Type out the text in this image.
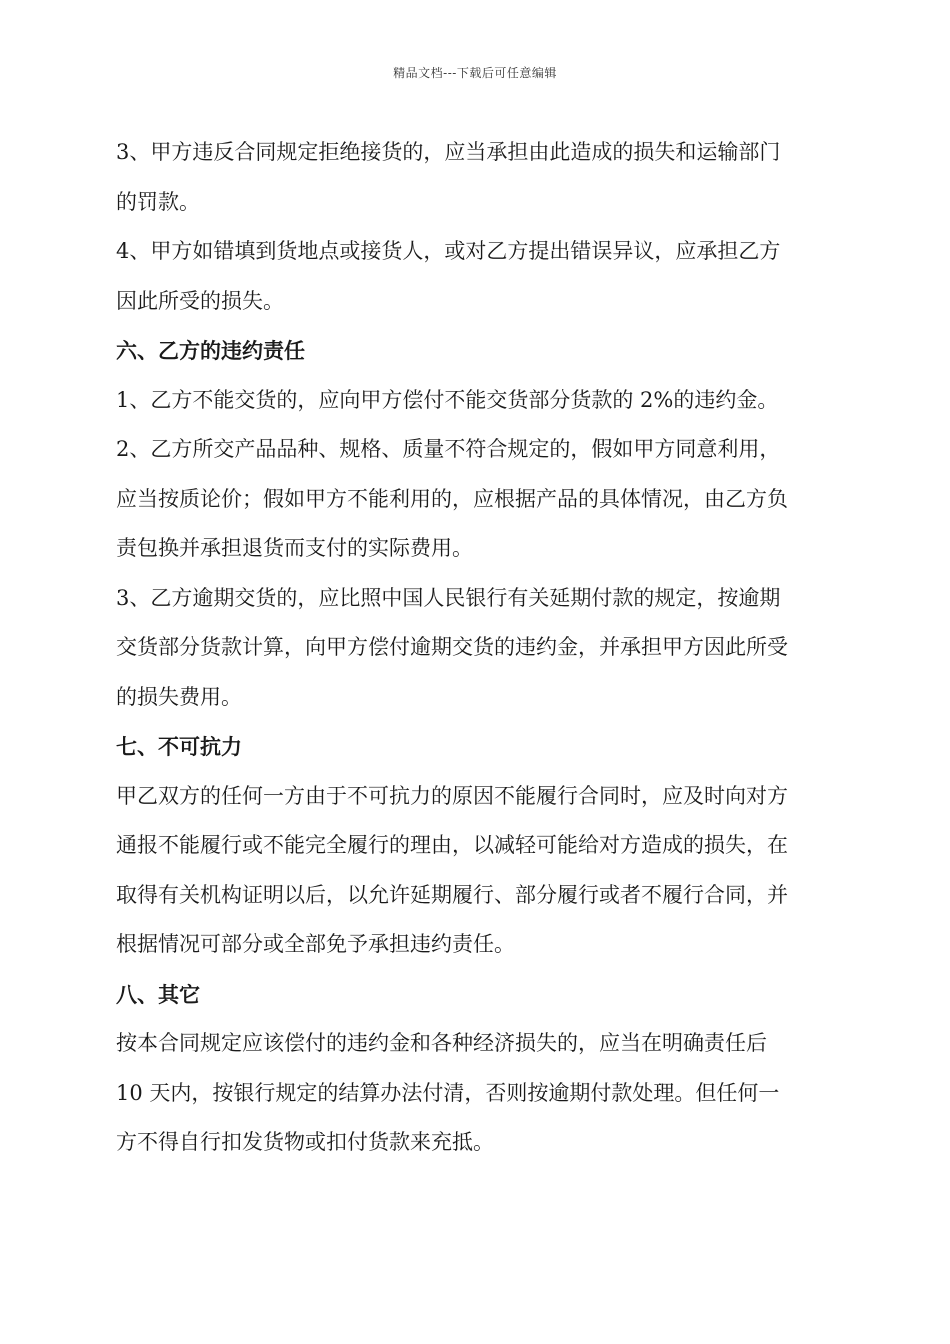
精品文档---下载后可任意编辑
3、甲方违反合同规定拒绝接货的，应当承担由此造成的损失和运输部门
的罚款。
4、甲方如错填到货地点或接货人，或对乙方提出错误异议，应承担乙方
因此所受的损失。
六、乙方的违约责任
1、乙方不能交货的，应向甲方偿付不能交货部分货款的 2%的违约金。
2、乙方所交产品品种、规格、质量不符合规定的，假如甲方同意利用，
应当按质论价；假如甲方不能利用的，应根据产品的具体情况，由乙方负
责包换并承担退货而支付的实际费用。
3、乙方逾期交货的，应比照中国人民银行有关延期付款的规定，按逾期
交货部分货款计算，向甲方偿付逾期交货的违约金，并承担甲方因此所受
的损失费用。
七、不可抗力
甲乙双方的任何一方由于不可抗力的原因不能履行合同时，应及时向对方
通报不能履行或不能完全履行的理由，以减轻可能给对方造成的损失，在
取得有关机构证明以后，以允许延期履行、部分履行或者不履行合同，并
根据情况可部分或全部免予承担违约责任。
八、其它
按本合同规定应该偿付的违约金和各种经济损失的，应当在明确责任后
10 天内，按银行规定的结算办法付清，否则按逾期付款处理。但任何一
方不得自行扣发货物或扣付货款来充抵。
